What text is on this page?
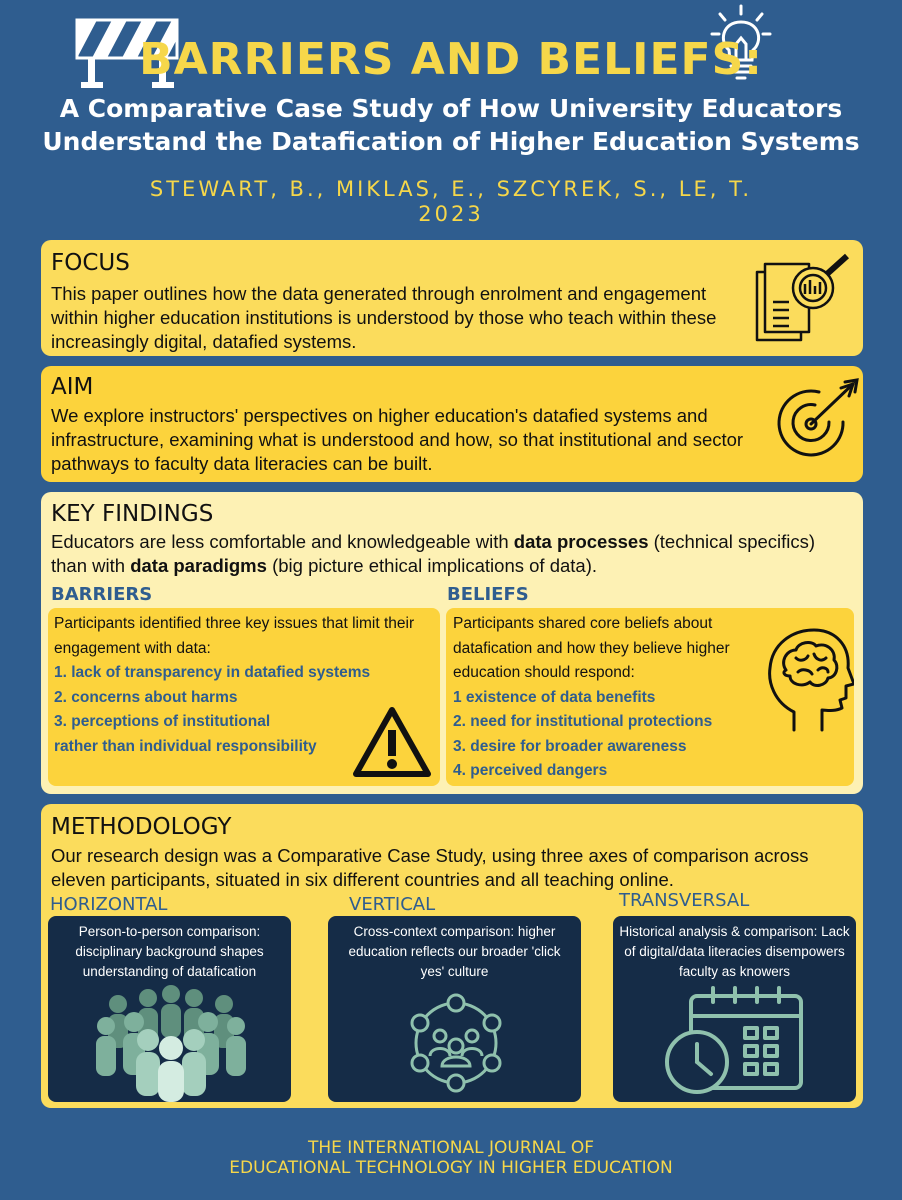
BARRIERS AND BELIEFS:
A Comparative Case Study of How University Educators
Understand the Datafication of Higher Education Systems
STEWART, B., MIKLAS, E., SZCYREK, S., LE, T.
2023
FOCUS
This paper outlines how the data generated through enrolment and engagement within higher education institutions is understood by those who teach within these increasingly digital, datafied systems.
AIM
We explore instructors' perspectives on higher education's datafied systems and infrastructure, examining what is understood and how, so that institutional and sector pathways to faculty data literacies can be built.
KEY FINDINGS
Educators are less comfortable and knowledgeable with data processes (technical specifics) than with data paradigms (big picture ethical implications of data).
BARRIERS	BELIEFS
Participants identified three key issues that limit their engagement with data:
1. lack of transparency in datafied systems
2. concerns about harms
3. perceptions of institutional
rather than individual responsibility
Participants shared core beliefs about datafication and how they believe higher education should respond:
1 existence of data benefits
2. need for institutional protections
3. desire for broader awareness
4. perceived dangers
METHODOLOGY
Our research design was a Comparative Case Study, using three axes of comparison across eleven participants, situated in six different countries and all teaching online.
HORIZONTAL	VERTICAL	TRANSVERSAL
Person-to-person comparison: disciplinary background shapes understanding of datafication
Cross-context comparison: higher education reflects our broader 'click yes' culture
Historical analysis & comparison: Lack of digital/data literacies disempowers faculty as knowers
THE INTERNATIONAL JOURNAL OF
EDUCATIONAL TECHNOLOGY IN HIGHER EDUCATION
